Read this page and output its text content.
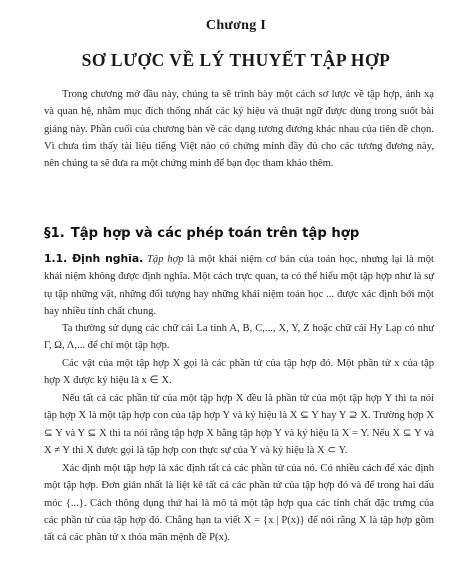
Chương I
SƠ LƯỢC VỀ LÝ THUYẾT TẬP HỢP

Trong chương mở đầu này, chúng ta sẽ trình bày một cách sơ lược về tập hợp, ánh xạ và quan hệ, nhằm mục đích thống nhất các ký hiệu và thuật ngữ được dùng trong suốt bài giảng này. Phần cuối của chương bàn về các dạng tương đương khác nhau của tiên đề chọn. Vì chưa tìm thấy tài liệu tiếng Việt nào có chứng minh đầy đủ cho các tương đương này, nên chúng ta sẽ đưa ra một chứng minh để bạn đọc tham khảo thêm.

§1. Tập hợp và các phép toán trên tập hợp

1.1. Định nghĩa. Tập hợp là một khái niệm cơ bản của toán học, nhưng lại là một khái niệm không được định nghĩa. Một cách trực quan, ta có thể hiểu một tập hợp như là sự tụ tập những vật, những đối tượng hay những khái niệm toán học ... được xác định bởi một hay nhiều tính chất chung.

Ta thường sử dụng các chữ cái La tinh A, B, C,..., X, Y, Z hoặc chữ cái Hy Lạp có như Γ, Ω, Λ,... để chỉ một tập hợp.

Các vật của một tập hợp X gọi là các phần tử của tập hợp đó. Một phần tử x của tập hợp X được ký hiệu là x ∈ X.

Nếu tất cả các phần tử của một tập hợp X đều là phần tử của một tập hợp Y thì ta nói tập hợp X là một tập hợp con của tập hợp Y và ký hiệu là X ⊆ Y hay Y ⊇ X. Trường hợp X ⊆ Y và Y ⊆ X thì ta nói rằng tập hợp X bằng tập hợp Y và ký hiệu là X = Y. Nếu X ⊆ Y và X ≠ Y thì X được gọi là tập hợp con thực sự của Y và ký hiệu là X ⊂ Y.

Xác định một tập hợp là xác định tất cả các phần tử của nó. Có nhiều cách để xác định một tập hợp. Đơn giản nhất là liệt kê tất cả các phần tử của tập hợp đó và để trong hai dấu móc {...}. Cách thông dụng thứ hai là mô tả một tập hợp qua các tính chất đặc trưng của các phần tử của tập hợp đó. Chẳng hạn ta viết X = {x | P(x)} để nói rằng X là tập hợp gồm tất cả các phần tử x thỏa mãn mệnh đề P(x).
